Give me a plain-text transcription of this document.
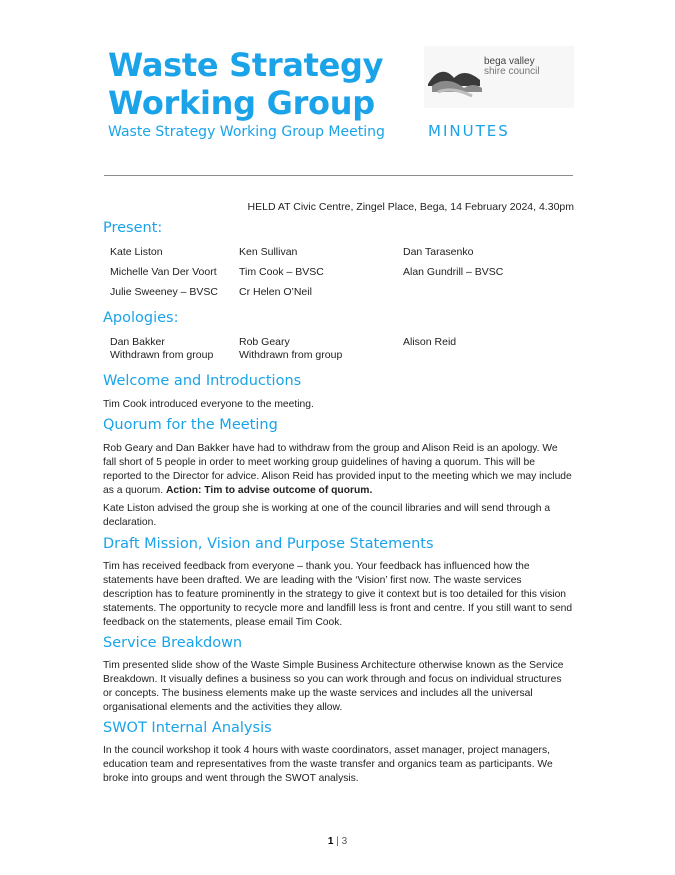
Waste Strategy
Working Group
Waste Strategy Working Group Meeting
bega valley
shire council
MINUTES
HELD AT Civic Centre, Zingel Place, Bega, 14 February 2024, 4.30pm
Present:
Kate Liston
Michelle Van Der Voort
Julie Sweeney – BVSC
Ken Sullivan
Tim Cook – BVSC
Cr Helen O’Neil
Dan Tarasenko
Alan Gundrill – BVSC
Apologies:
Dan Bakker
Withdrawn from group
Rob Geary
Withdrawn from group
Alison Reid
Welcome and Introductions

Tim Cook introduced everyone to the meeting.

Quorum for the Meeting

Rob Geary and Dan Bakker have had to withdraw from the group and Alison Reid is an apology. We fall short of 5 people in order to meet working group guidelines of having a quorum. This will be reported to the Director for advice. Alison Reid has provided input to the meeting which we may include as a quorum. Action: Tim to advise outcome of quorum.

Kate Liston advised the group she is working at one of the council libraries and will send through a declaration.

Draft Mission, Vision and Purpose Statements

Tim has received feedback from everyone – thank you. Your feedback has influenced how the statements have been drafted. We are leading with the ‘Vision’ first now. The waste services description has to feature prominently in the strategy to give it context but is too detailed for this vision statements. The opportunity to recycle more and landfill less is front and centre. If you still want to send feedback on the statements, please email Tim Cook.

Service Breakdown

Tim presented slide show of the Waste Simple Business Architecture otherwise known as the Service Breakdown. It visually defines a business so you can work through and focus on individual structures or concepts. The business elements make up the waste services and includes all the universal organisational elements and the activities they allow.

SWOT Internal Analysis

In the council workshop it took 4 hours with waste coordinators, asset manager, project managers, education team and representatives from the waste transfer and organics team as participants. We broke into groups and went through the SWOT analysis.

1 | 3
